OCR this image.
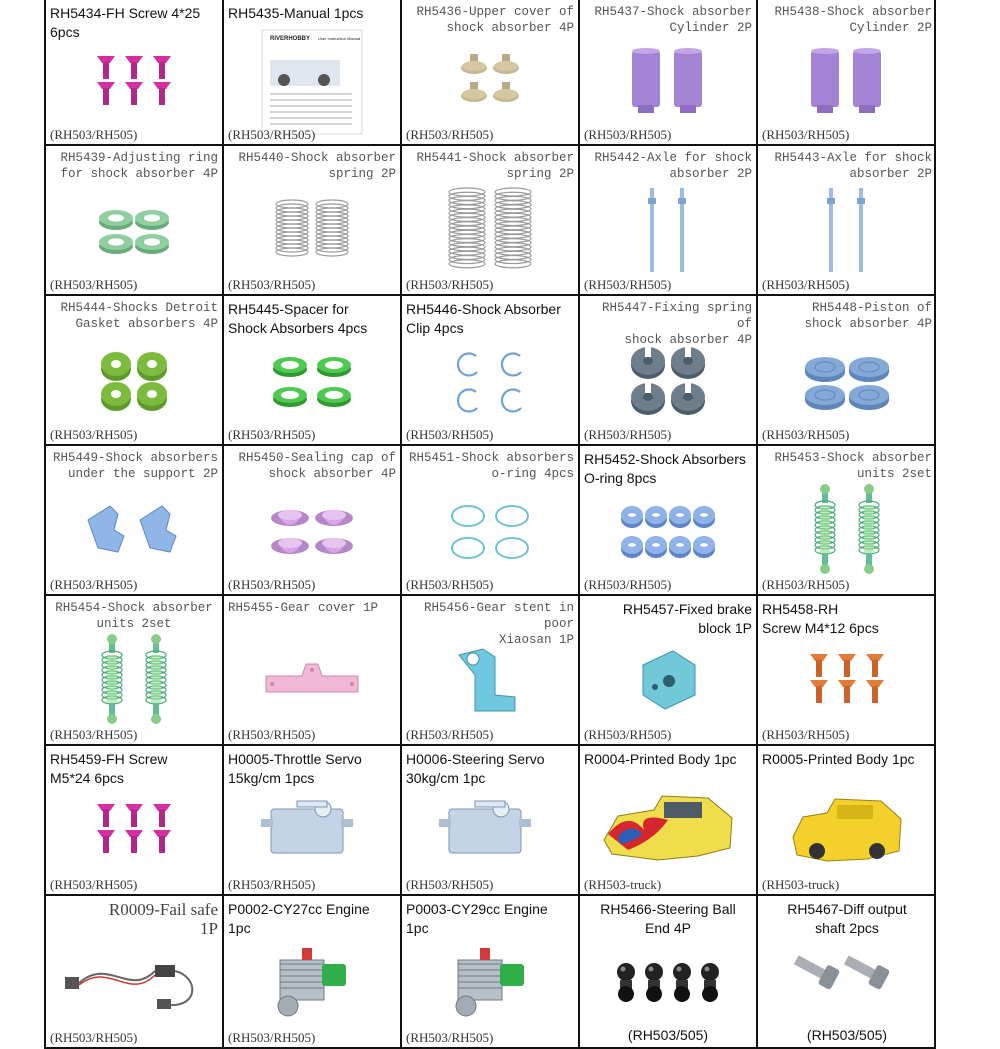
RH5434-FH Screw 4*25
6pcs
(RH503/RH505)
RH5435-Manual 1pcs
RIVERHOBBY User Instruction Manual
(RH503/RH505)
RH5436-Upper cover of
shock absorber 4P
(RH503/RH505)
RH5437-Shock absorber
Cylinder 2P
(RH503/RH505)
RH5438-Shock absorber
Cylinder 2P
(RH503/RH505)
RH5439-Adjusting ring
for shock absorber 4P
(RH503/RH505)
RH5440-Shock absorber
spring 2P
(RH503/RH505)
RH5441-Shock absorber
spring 2P
(RH503/RH505)
RH5442-Axle for shock
absorber 2P
(RH503/RH505)
RH5443-Axle for shock
absorber 2P
(RH503/RH505)
RH5444-Shocks Detroit
Gasket absorbers 4P
(RH503/RH505)
RH5445-Spacer for
Shock Absorbers 4pcs
(RH503/RH505)
RH5446-Shock Absorber
Clip 4pcs
(RH503/RH505)
RH5447-Fixing spring of
shock absorber 4P
(RH503/RH505)
RH5448-Piston of
shock absorber 4P
(RH503/RH505)
RH5449-Shock absorbers
under the support 2P
(RH503/RH505)
RH5450-Sealing cap of
shock absorber 4P
(RH503/RH505)
RH5451-Shock absorbers
o-ring 4pcs
(RH503/RH505)
RH5452-Shock Absorbers
O-ring 8pcs
(RH503/RH505)
RH5453-Shock absorber
units 2set
(RH503/RH505)
RH5454-Shock absorber
units 2set
(RH503/RH505)
RH5455-Gear cover 1P
(RH503/RH505)
RH5456-Gear stent in poor
Xiaosan 1P
(RH503/RH505)
RH5457-Fixed brake
block 1P
(RH503/RH505)
RH5458-RH
Screw M4*12 6pcs
(RH503/RH505)
RH5459-FH Screw
M5*24 6pcs
(RH503/RH505)
H0005-Throttle Servo
15kg/cm 1pcs
(RH503/RH505)
H0006-Steering Servo
30kg/cm 1pc
(RH503/RH505)
R0004-Printed Body 1pc
(RH503-truck)
R0005-Printed Body 1pc
(RH503-truck)
R0009-Fail safe
1P
(RH503/RH505)
P0002-CY27cc Engine
1pc
(RH503/RH505)
P0003-CY29cc Engine
1pc
(RH503/RH505)
RH5466-Steering Ball
End 4P
(RH503/505)
RH5467-Diff output
shaft 2pcs
(RH503/505)
